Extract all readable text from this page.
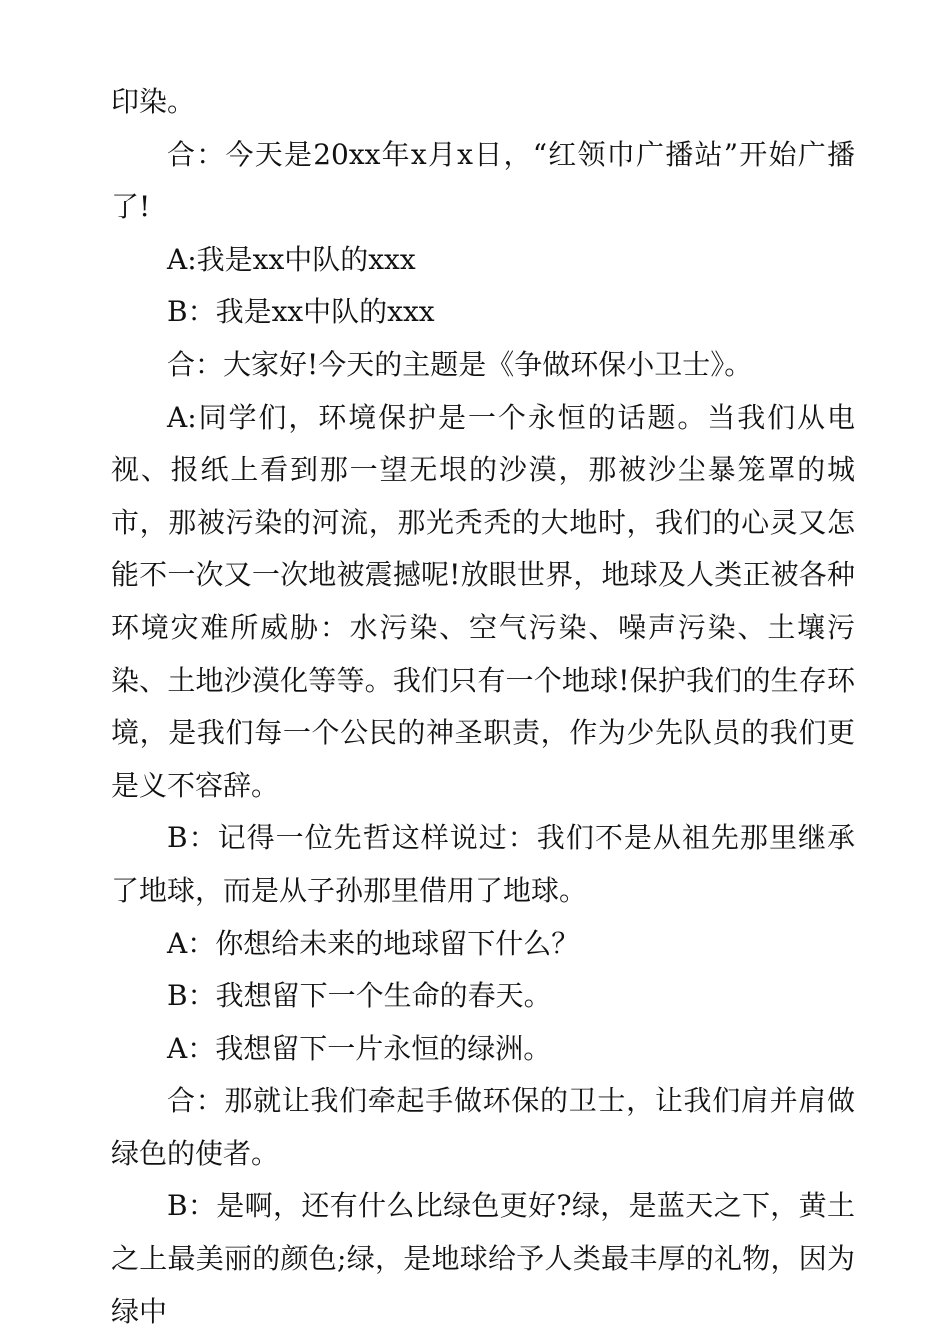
印染。

合：今天是20xx年x月x日，“红领巾广播站”开始广播了!

A:我是xx中队的xxx

B：我是xx中队的xxx

合：大家好!今天的主题是《争做环保小卫士》。

A:同学们，环境保护是一个永恒的话题。当我们从电视、报纸上看到那一望无垠的沙漠，那被沙尘暴笼罩的城市，那被污染的河流，那光秃秃的大地时，我们的心灵又怎能不一次又一次地被震撼呢!放眼世界，地球及人类正被各种环境灾难所威胁：水污染、空气污染、噪声污染、土壤污染、土地沙漠化等等。我们只有一个地球!保护我们的生存环境，是我们每一个公民的神圣职责，作为少先队员的我们更是义不容辞。

B：记得一位先哲这样说过：我们不是从祖先那里继承了地球，而是从子孙那里借用了地球。

A：你想给未来的地球留下什么？

B：我想留下一个生命的春天。

A：我想留下一片永恒的绿洲。

合：那就让我们牵起手做环保的卫士，让我们肩并肩做绿色的使者。

B：是啊，还有什么比绿色更好?绿，是蓝天之下，黄土之上最美丽的颜色;绿，是地球给予人类最丰厚的礼物，因为绿中
